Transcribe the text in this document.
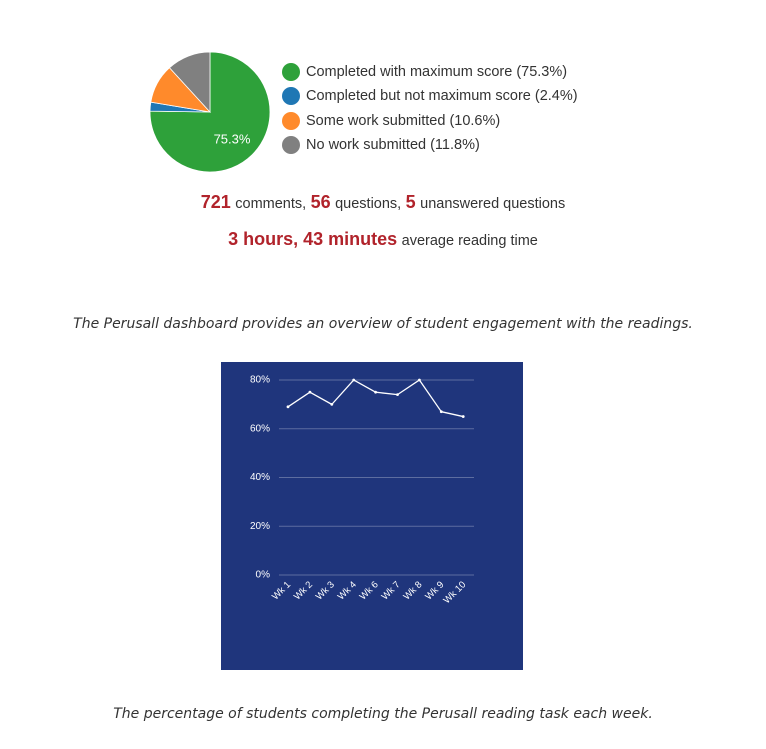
75.3%
Completed with maximum score (75.3%)
Completed but not maximum score (2.4%)
Some work submitted (10.6%)
No work submitted (11.8%)
721 comments, 56 questions, 5 unanswered questions
3 hours, 43 minutes average reading time
The Perusall dashboard provides an overview of student engagement with the readings.
0%
20%
40%
60%
80%
Wk 1
Wk 2
Wk 3
Wk 4
Wk 6
Wk 7
Wk 8
Wk 9
Wk 10
The percentage of students completing the Perusall reading task each week.
